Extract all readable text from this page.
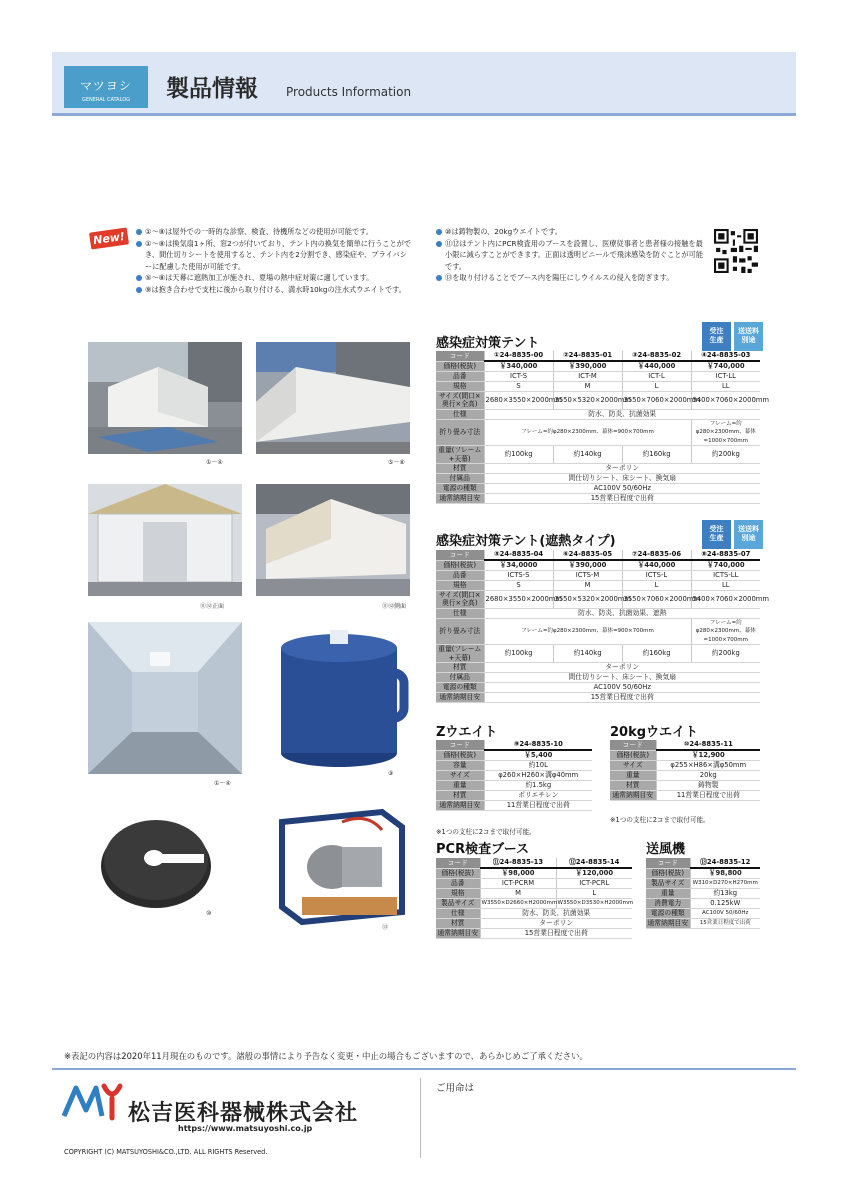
マツヨシ
GENERAL CATALOG	製品情報 Products Information
New!	①～⑧は屋外での一時的な診察、検査、待機所などの使用が可能です。
①～⑧は換気扇1ヶ所、窓2つが付いており、テント内の換気を簡単に行うことができ、間仕切りシートを使用すると、テント内を2分割でき、感染症や、プライバシーに配慮した使用が可能です。
⑤～⑧は天幕に遮熱加工が施され、夏場の熱中症対策に適しています。
⑨は抱き合わせで支柱に後から取り付ける、満水時10kgの注水式ウエイトです。
⑩は鋳物製の、20kgウエイトです。
⑪⑫はテント内にPCR検査用のブースを設置し、医療従事者と患者様の接触を最小限に減らすことができます。正面は透明ビニールで飛沫感染を防ぐことが可能です。
⑬を取り付けることでブース内を陽圧にしウイルスの侵入を防ぎます。
①～④	⑤～⑧
⑪⑫正面	⑪⑫側面
①～④
⑨
⑩
⑬
感染症対策テント
受注
生産
送送料
別途
コード	①24-8835-00	②24-8835-01	③24-8835-02	④24-8835-03
価格(税抜)	￥340,000	￥390,000	￥440,000	￥740,000
品番	ICT-S	ICT-M	ICT-L	ICT-LL
規格	S	M	L	LL
サイズ(間口×奥行×全高)	2680×3550×2000mm	3550×5320×2000mm	3550×7060×2000mm	5400×7060×2000mm
仕様	防水、防炎、抗菌効果			
折り畳み寸法	フレーム=約φ280×2300mm、幕体=900×700mm			フレーム=約φ280×2300mm、幕体=1000×700mm
重量(フレーム+天幕)	約100kg	約140kg	約160kg	約200kg
材質	ターポリン			
付属品	間仕切りシート、床シート、換気扇			
電源の種類	AC100V 50/60Hz			
通常納期目安	15営業日程度で出荷			
感染症対策テント(遮熱タイプ)
受注
生産
送送料
別途
コード	⑤24-8835-04	⑥24-8835-05	⑦24-8835-06	⑧24-8835-07
価格(税抜)	￥34,0000	￥390,000	￥440,000	￥740,000
品番	ICTS-S	ICTS-M	ICTS-L	ICTS-LL
規格	S	M	L	LL
サイズ(間口×奥行×全高)	2680×3550×2000mm	3550×5320×2000mm	3550×7060×2000mm	5400×7060×2000mm
仕様	防水、防炎、抗菌効果、遮熱			
折り畳み寸法	フレーム=約φ280×2300mm、幕体=900×700mm			フレーム=約φ280×2300mm、幕体=1000×700mm
重量(フレーム+天幕)	約100kg	約140kg	約160kg	約200kg
材質	ターポリン			
付属品	間仕切りシート、床シート、換気扇			
電源の種類	AC100V 50/60Hz			
通常納期目安	15営業日程度で出荷			
Zウエイト
コード	⑨24-8835-10
価格(税抜)	￥5,400
容量	約10L
サイズ	φ260×H260×溝φ40mm
重量	約1.5kg
材質	ポリエチレン
通常納期目安	11営業日程度で出荷
※1つの支柱に2コまで取付可能。
20kgウエイト
コード	⑩24-8835-11
価格(税抜)	￥12,900
サイズ	φ255×H86×溝φ50mm
重量	20kg
材質	鋳物製
通常納期目安	11営業日程度で出荷
※1つの支柱に2コまで取付可能。
PCR検査ブース
コード	⑪24-8835-13	⑫24-8835-14
価格(税抜)	￥98,000	￥120,000
品番	ICT-PCRM	ICT-PCRL
規格	M	L
製品サイズ	W3550×D2660×H2000mm	W3550×D3530×H2000mm
仕様	防水、防炎、抗菌効果	
材質	ターポリン	
通常納期目安	15営業日程度で出荷	
送風機
コード	⑬24-8835-12
価格(税抜)	￥98,800
製品サイズ	W310×D270×H270mm
重量	約13kg
消費電力	0.125kW
電源の種類	AC100V 50/60Hz
通常納期目安	15営業日程度で出荷
※表記の内容は2020年11月現在のものです。諸般の事情により予告なく変更・中止の場合もございますので、あらかじめご了承ください。
松吉医科器械株式会社
https://www.matsuyoshi.co.jp
ご用命は
COPYRIGHT (C) MATSUYOSHI&CO.,LTD. ALL RIGHTS Reserved.
